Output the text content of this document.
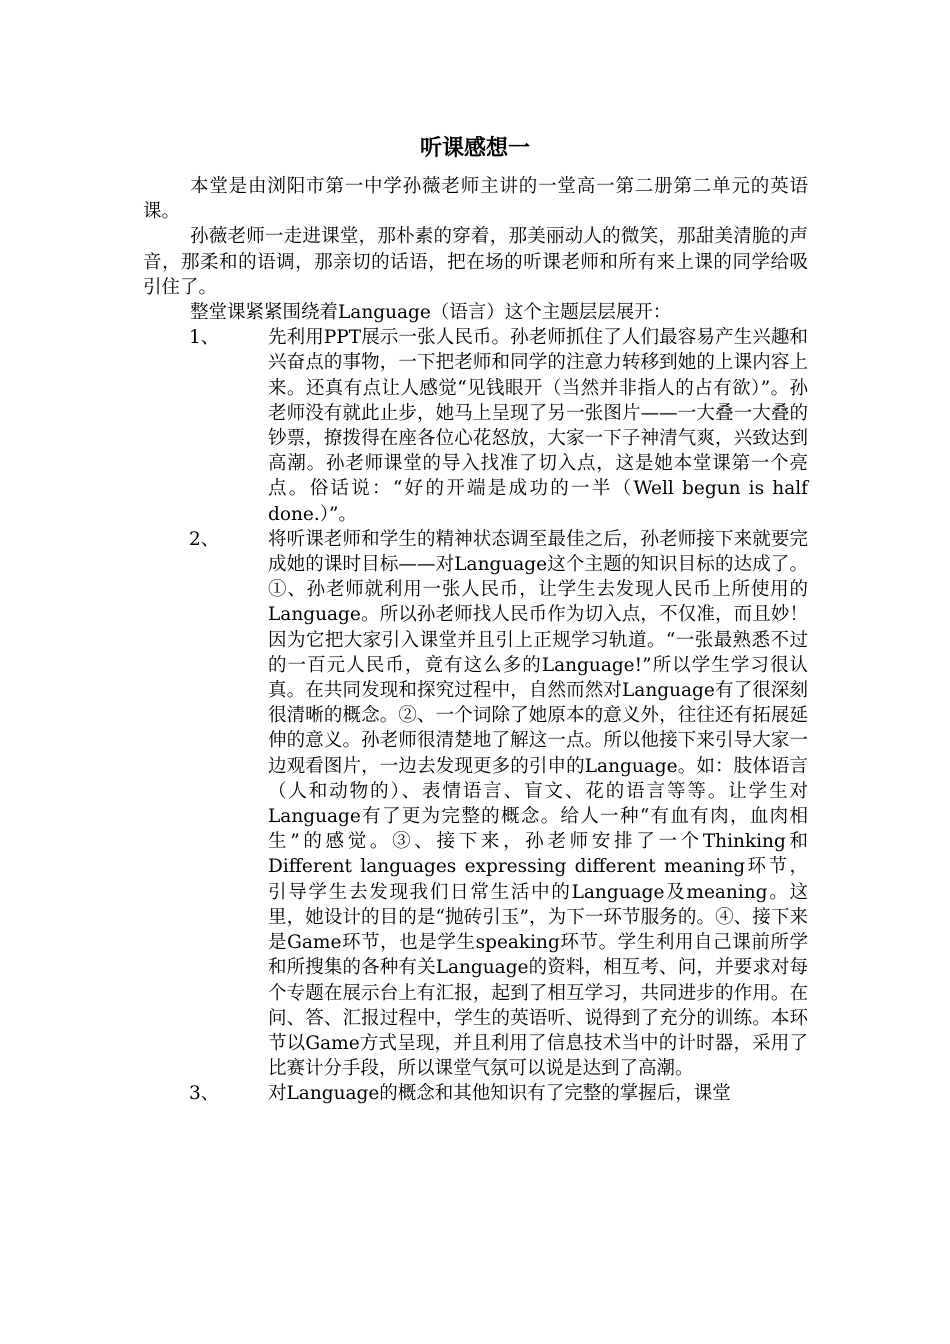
听课感想一

本堂是由浏阳市第一中学孙薇老师主讲的一堂高一第二册第二单元的英语课。

孙薇老师一走进课堂，那朴素的穿着，那美丽动人的微笑，那甜美清脆的声音，那柔和的语调，那亲切的话语，把在场的听课老师和所有来上课的同学给吸引住了。

整堂课紧紧围绕着Language（语言）这个主题层层展开：

1、	先利用PPT展示一张人民币。孙老师抓住了人们最容易产生兴趣和兴奋点的事物，一下把老师和同学的注意力转移到她的上课内容上来。还真有点让人感觉“见钱眼开（当然并非指人的占有欲）”。孙老师没有就此止步，她马上呈现了另一张图片——一大叠一大叠的钞票，撩拨得在座各位心花怒放，大家一下子神清气爽，兴致达到高潮。孙老师课堂的导入找准了切入点，这是她本堂课第一个亮点。俗话说：“好的开端是成功的一半（Well begun is half done.）”。
2、	将听课老师和学生的精神状态调至最佳之后，孙老师接下来就要完成她的课时目标——对Language这个主题的知识目标的达成了。①、孙老师就利用一张人民币，让学生去发现人民币上所使用的Language。所以孙老师找人民币作为切入点，不仅准，而且妙！因为它把大家引入课堂并且引上正规学习轨道。“一张最熟悉不过的一百元人民币，竟有这么多的Language!”所以学生学习很认真。在共同发现和探究过程中，自然而然对Language有了很深刻很清晰的概念。②、一个词除了她原本的意义外，往往还有拓展延伸的意义。孙老师很清楚地了解这一点。所以他接下来引导大家一边观看图片，一边去发现更多的引申的Language。如：肢体语言（人和动物的）、表情语言、盲文、花的语言等等。让学生对Language有了更为完整的概念。给人一种“有血有肉，血肉相生”的感觉。③、接下来，孙老师安排了一个Thinking和Different languages expressing different meaning环节，引导学生去发现我们日常生活中的Language及meaning。这里，她设计的目的是“抛砖引玉”，为下一环节服务的。④、接下来是Game环节，也是学生speaking环节。学生利用自己课前所学和所搜集的各种有关Language的资料，相互考、问，并要求对每个专题在展示台上有汇报，起到了相互学习，共同进步的作用。在问、答、汇报过程中，学生的英语听、说得到了充分的训练。本环节以Game方式呈现，并且利用了信息技术当中的计时器，采用了比赛计分手段，所以课堂气氛可以说是达到了高潮。
3、	对Language的概念和其他知识有了完整的掌握后，课堂
